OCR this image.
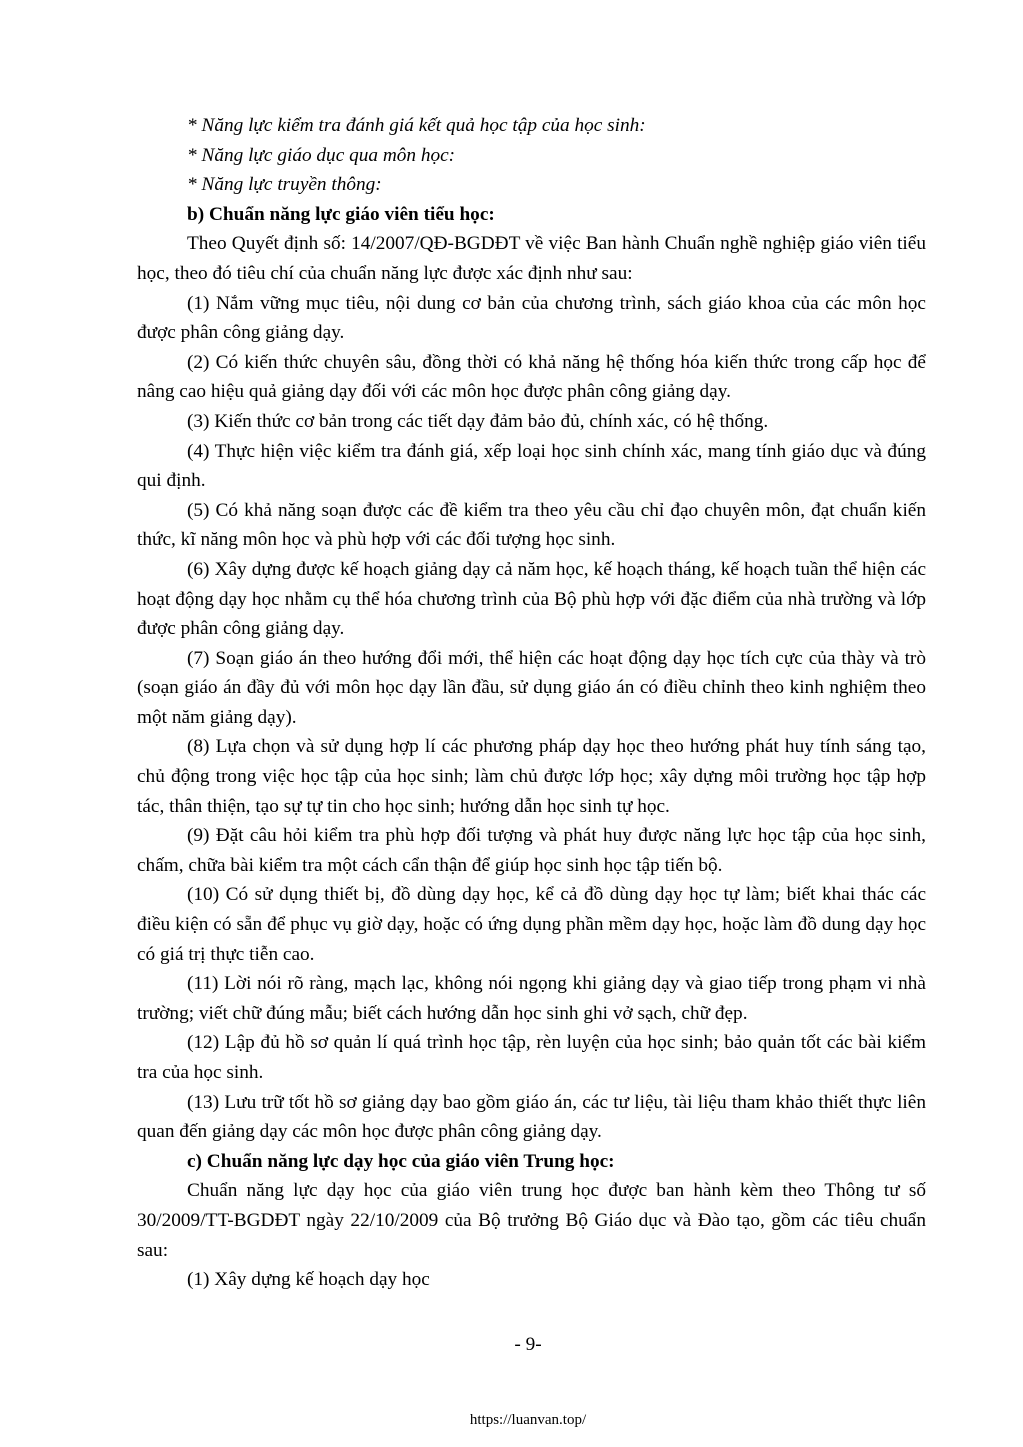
* Năng lực kiểm tra đánh giá kết quả học tập của học sinh:

* Năng lực giáo dục qua môn học:

* Năng lực truyền thông:

b) Chuẩn năng lực giáo viên tiểu học:

Theo Quyết định số: 14/2007/QĐ-BGDĐT về việc Ban hành Chuẩn nghề nghiệp giáo viên tiểu học, theo đó tiêu chí của chuẩn năng lực được xác định như sau:

(1) Nắm vững mục tiêu, nội dung cơ bản của chương trình, sách giáo khoa của các môn học được phân công giảng dạy.

(2) Có kiến thức chuyên sâu, đồng thời có khả năng hệ thống hóa kiến thức trong cấp học để nâng cao hiệu quả giảng dạy đối với các môn học được phân công giảng dạy.

(3) Kiến thức cơ bản trong các tiết dạy đảm bảo đủ, chính xác, có hệ thống.

(4) Thực hiện việc kiểm tra đánh giá, xếp loại học sinh chính xác, mang tính giáo dục và đúng qui định.

(5) Có khả năng soạn được các đề kiểm tra theo yêu cầu chỉ đạo chuyên môn, đạt chuẩn kiến thức, kĩ năng môn học và phù hợp với các đối tượng học sinh.

(6) Xây dựng được kế hoạch giảng dạy cả năm học, kế hoạch tháng, kế hoạch tuần thể hiện các hoạt động dạy học nhằm cụ thể hóa chương trình của Bộ phù hợp với đặc điểm của nhà trường và lớp được phân công giảng dạy.

(7) Soạn giáo án theo hướng đổi mới, thể hiện các hoạt động dạy học tích cực của thày và trò (soạn giáo án đầy đủ với môn học dạy lần đầu, sử dụng giáo án có điều chỉnh theo kinh nghiệm theo một năm giảng dạy).

(8) Lựa chọn và sử dụng hợp lí các phương pháp dạy học theo hướng phát huy tính sáng tạo, chủ động trong việc học tập của học sinh; làm chủ được lớp học; xây dựng môi trường học tập hợp tác, thân thiện, tạo sự tự tin cho học sinh; hướng dẫn học sinh tự học.

(9) Đặt câu hỏi kiểm tra phù hợp đối tượng và phát huy được năng lực học tập của học sinh, chấm, chữa bài kiểm tra một cách cẩn thận để giúp học sinh học tập tiến bộ.

(10) Có sử dụng thiết bị, đồ dùng dạy học, kể cả đồ dùng dạy học tự làm; biết khai thác các điều kiện có sẵn để phục vụ giờ dạy, hoặc có ứng dụng phần mềm dạy học, hoặc làm đồ dung dạy học có giá trị thực tiễn cao.

(11) Lời nói rõ ràng, mạch lạc, không nói ngọng khi giảng dạy và giao tiếp trong phạm vi nhà trường; viết chữ đúng mẫu; biết cách hướng dẫn học sinh ghi vở sạch, chữ đẹp.

(12) Lập đủ hồ sơ quản lí quá trình học tập, rèn luyện của học sinh; bảo quản tốt các bài kiểm tra của học sinh.

(13) Lưu trữ tốt hồ sơ giảng dạy bao gồm giáo án, các tư liệu, tài liệu tham khảo thiết thực liên quan đến giảng dạy các môn học được phân công giảng dạy.

c) Chuẩn năng lực dạy học của giáo viên Trung học:

Chuẩn năng lực dạy học của giáo viên trung học được ban hành kèm theo Thông tư số 30/2009/TT-BGDĐT ngày 22/10/2009 của Bộ trưởng Bộ Giáo dục và Đào tạo, gồm các tiêu chuẩn sau:

(1) Xây dựng kế hoạch dạy học

- 9-
https://luanvan.top/
